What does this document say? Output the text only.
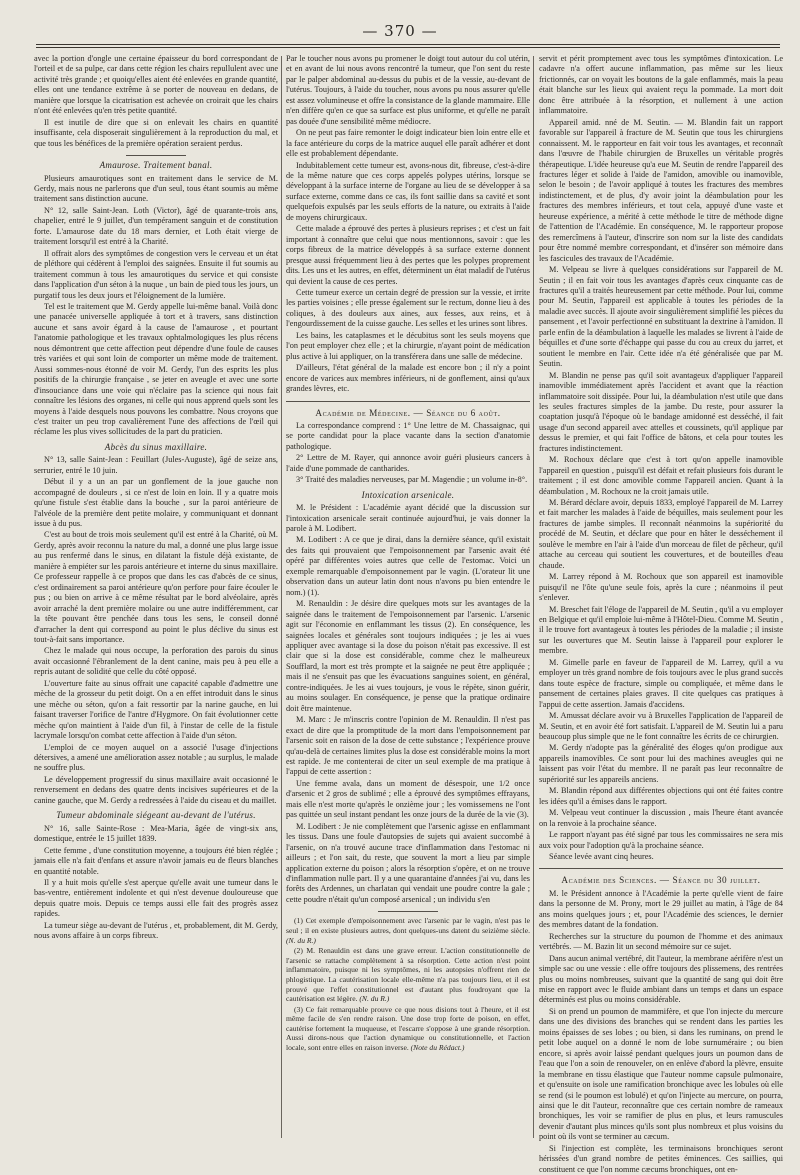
— 370 —

avec la portion d'ongle une certaine épaisseur du bord correspondant de l'orteil et de sa pulpe, car dans cette région les chairs repullulent avec une activité très grande ; et quoiqu'elles aient été enlevées en grande quantité, elles ont une tendance extrême à se porter de nouveau en dedans, de manière que lorsque la cicatrisation est achevée on croirait que les chairs n'ont été enlevées qu'en très petite quantité.

Il est inutile de dire que si on enlevait les chairs en quantité insuffisante, cela disposerait singulièrement à la reproduction du mal, et que tous les bénéfices de la première opération seraient perdus.

Amaurose. Traitement banal.

Plusieurs amaurotiques sont en traitement dans le service de M. Gerdy, mais nous ne parlerons que d'un seul, tous étant soumis au même traitement sans distinction aucune.

N° 12, salle Saint-Jean. Loth (Victor), âgé de quarante-trois ans, chapelier, entré le 9 juillet, d'un tempérament sanguin et de constitution forte. L'amaurose date du 18 mars dernier, et Loth était vierge de traitement lorsqu'il est entré à la Charité.

Il offrait alors des symptômes de congestion vers le cerveau et un état de pléthore qui cédèrent à l'emploi des saignées. Ensuite il fut soumis au traitement commun à tous les amaurotiques du service et qui consiste dans l'application d'un séton à la nuque , un bain de pied tous les jours, un purgatif tous les deux jours et l'éloignement de la lumière.

Tel est le traitement que M. Gerdy appelle lui-même banal. Voilà donc une panacée universelle appliquée à tort et à travers, sans distinction aucune et sans avoir égard à la cause de l'amaurose , et pourtant l'anatomie pathologique et les travaux ophtalmologiques les plus récens nous démontrent que cette affection peut dépendre d'une foule de causes très variées et qui sont loin de comporter un même mode de traitement. Aussi sommes-nous étonné de voir M. Gerdy, l'un des esprits les plus positifs de la chirurgie française , se jeter en aveugle et avec une sorte d'insouciance dans une voie qui n'éclaire pas la science qui nous fait connaître les lésions des organes, ni celle qui nous apprend quels sont les moyens à l'aide desquels nous pouvons les combattre. Nous croyons que c'est traiter un peu trop cavalièrement l'une des affections de l'œil qui réclame les plus vives sollicitudes de la part du praticien.

Abcès du sinus maxillaire.

N° 13, salle Saint-Jean : Feuillart (Jules-Auguste), âgé de seize ans, serrurier, entré le 10 juin.

Début il y a un an par un gonflement de la joue gauche non accompagné de douleurs , si ce n'est de loin en loin. Il y a quatre mois qu'une fistule s'est établie dans la bouche , sur la paroi antérieure de l'alvéole de la première dent petite molaire, y communiquant et donnant issue à du pus.

C'est au bout de trois mois seulement qu'il est entré à la Charité, où M. Gerdy, après avoir reconnu la nature du mal, a donné une plus large issue au pus renfermé dans le sinus, en dilatant la fistule déjà existante, de manière à empiéter sur les parois antérieure et interne du sinus maxillaire. Ce professeur rappelle à ce propos que dans les cas d'abcès de ce sinus, c'est ordinairement sa paroi antérieure qu'on perfore pour faire écouler le pus ; ou bien on arrive à ce même résultat par le bord alvéolaire, après avoir arraché la dent première molaire ou une autre indifféremment, car la tête pouvant être penchée dans tous les sens, le conseil donné d'arracher la dent qui correspond au point le plus déclive du sinus est tout-à-fait sans importance.

Chez le malade qui nous occupe, la perforation des parois du sinus avait occasionné l'ébranlement de la dent canine, mais peu à peu elle a repris autant de solidité que celle du côté opposé.

L'ouverture faite au sinus offrait une capacité capable d'admettre une mèche de la grosseur du petit doigt. On a en effet introduit dans le sinus une mèche ou séton, qu'on a fait ressortir par la narine gauche, en lui faisant traverser l'orifice de l'antre d'Hygmore. On fait évolutionner cette mèche qu'on maintient à l'aide d'un fil, à l'instar de celle de la fistule lacrymale lorsqu'on combat cette affection à l'aide d'un séton.

L'emploi de ce moyen auquel on a associé l'usage d'injections détersives, a amené une amélioration assez notable ; au surplus, le malade ne souffre plus.

Le développement progressif du sinus maxillaire avait occasionné le renversement en dedans des quatre dents incisives supérieures et de la canine gauche, que M. Gerdy a redressées à l'aide du ciseau et du maillet.

Tumeur abdominale siégeant au-devant de l'utérus.

N° 16, salle Sainte-Rose : Mea-Maria, âgée de vingt-six ans, domestique, entrée le 15 juillet 1839.

Cette femme , d'une constitution moyenne, a toujours été bien réglée ; jamais elle n'a fait d'enfans et assure n'avoir jamais eu de fleurs blanches en quantité notable.

Il y a huit mois qu'elle s'est aperçue qu'elle avait une tumeur dans le bas-ventre, entièrement indolente et qui n'est devenue douloureuse que depuis quatre mois. Depuis ce temps aussi elle fait des progrès assez rapides.

La tumeur siège au-devant de l'utérus , et, probablement, dit M. Gerdy, nous avons affaire à un corps fibreux.

Par le toucher nous avons pu promener le doigt tout autour du col utérin, et en avant de lui nous avons rencontré la tumeur, que l'on sent du reste par le palper abdominal au-dessus du pubis et de la vessie, au-devant de l'utérus. Toujours, à l'aide du toucher, nous avons pu nous assurer qu'elle est assez volumineuse et offre la consistance de la glande mammaire. Elle n'en diffère qu'en ce que sa surface est plus uniforme, et qu'elle ne paraît pas douée d'une sensibilité même médiocre.

On ne peut pas faire remonter le doigt indicateur bien loin entre elle et la face antérieure du corps de la matrice auquel elle paraît adhérer et dont elle est probablement dépendante.

Indubitablement cette tumeur est, avons-nous dit, fibreuse, c'est-à-dire de la même nature que ces corps appelés polypes utérins, lorsque se développant à la surface interne de l'organe au lieu de se développer à sa surface externe, comme dans ce cas, ils font saillie dans sa cavité et sont quelquefois expulsés par les seuls efforts de la nature, ou extraits à l'aide de moyens chirurgicaux.

Cette malade a éprouvé des pertes à plusieurs reprises ; et c'est un fait important à connaître que celui que nous mentionnons, savoir : que les corps fibreux de la matrice développés à sa surface externe donnent presque aussi fréquemment lieu à des pertes que les polypes proprement dits. Les uns et les autres, en effet, déterminent un état maladif de l'utérus qui devient la cause de ces pertes.

Cette tumeur exerce un certain degré de pression sur la vessie, et irrite les parties voisines ; elle presse également sur le rectum, donne lieu à des coliques, à des douleurs aux aines, aux fesses, aux reins, et à l'engourdissement de la cuisse gauche. Les selles et les urines sont libres.

Les bains, les cataplasmes et le décubitus sont les seuls moyens que l'on peut employer chez elle ; et la chirurgie, n'ayant point de médication plus active à lui appliquer, on la transférera dans une salle de médecine.

D'ailleurs, l'état général de la malade est encore bon ; il n'y a point encore de varices aux membres inférieurs, ni de gonflement, ainsi qu'aux grandes lèvres, etc.

Académie de Médecine. — Séance du 6 août.

La correspondance comprend : 1° Une lettre de M. Chassaignac, qui se porte candidat pour la place vacante dans la section d'anatomie pathologique.

2° Lettre de M. Rayer, qui annonce avoir guéri plusieurs cancers à l'aide d'une pommade de cantharides.

3° Traité des maladies nerveuses, par M. Magendie ; un volume in-8°.

Intoxication arsenicale.

M. le Président : L'académie ayant décidé que la discussion sur l'intoxication arsenicale serait continuée aujourd'hui, je vais donner la parole à M. Lodibert.

M. Lodibert : A ce que je dirai, dans la dernière séance, qu'il existait des faits qui prouvaient que l'empoisonnement par l'arsenic avait été opéré par différentes voies autres que celle de l'estomac. Voici un exemple remarquable d'empoisonnement par le vagin. (L'orateur lit une observation dans un auteur latin dont nous n'avons pu bien entendre le nom.) (1).

M. Renauldin : Je désire dire quelques mots sur les avantages de la saignée dans le traitement de l'empoisonnement par l'arsenic. L'arsenic agit sur l'économie en enflammant les tissus (2). En conséquence, les saignées locales et générales sont toujours indiquées ; je les ai vues appliquer avec avantage si la dose du poison n'était pas excessive. Il est clair que si la dose est considérable, comme chez le malheureux Soufflard, la mort est très prompte et la saignée ne peut être appliquée ; mais il ne s'ensuit pas que les évacuations sanguines soient, en général, contre-indiquées. Je les ai vues toujours, je vous le répète, sinon guérir, au moins soulager. En conséquence, je pense que la pratique ordinaire doit être maintenue.

M. Marc : Je m'inscris contre l'opinion de M. Renauldin. Il n'est pas exact de dire que la promptitude de la mort dans l'empoisonnement par l'arsenic soit en raison de la dose de cette substance ; l'expérience prouve qu'au-delà de certaines limites plus la dose est considérable moins la mort est rapide. Je me contenterai de citer un seul exemple de ma pratique à l'appui de cette assertion :

Une femme avala, dans un moment de désespoir, une 1/2 once d'arsenic et 2 gros de sublimé ; elle a éprouvé des symptômes effrayans, mais elle n'est morte qu'après le onzième jour ; les vomissemens ne l'ont pas quittée un seul instant pendant les onze jours de la durée de la vie (3).

M. Lodibert : Je nie complètement que l'arsenic agisse en enflammant les tissus. Dans une foule d'autopsies de sujets qui avaient succombé à l'arsenic, on n'a trouvé aucune trace d'inflammation dans l'estomac ni ailleurs ; et l'on sait, du reste, que souvent la mort a lieu par simple application externe du poison ; alors la résorption s'opère, et on ne trouve d'inflammation nulle part. Il y a une quarantaine d'années j'ai vu, dans les forêts des Ardennes, un charlatan qui vendait une poudre contre la gale ; cette poudre n'était qu'un composé arsenical ; un individu s'en

(1) Cet exemple d'empoisonnement avec l'arsenic par le vagin, n'est pas le seul ; il en existe plusieurs autres, dont quelques-uns datent du seizième siècle. (N. du R.)

(2) M. Renauldin est dans une grave erreur. L'action constitutionnelle de l'arsenic se rattache complètement à sa résorption. Cette action n'est point inflammatoire, puisque ni les symptômes, ni les autopsies n'offrent rien de phlogistique. La cautérisation locale elle-même n'a pas toujours lieu, et il est prouvé que l'effet constitutionnel est d'autant plus foudroyant que la cautérisation est légère. (N. du R.)

(3) Ce fait remarquable prouve ce que nous disions tout à l'heure, et il est même facile de s'en rendre raison. Une dose trop forte de poison, en effet, cautérise fortement la muqueuse, et l'escarre s'oppose à une grande résorption. Aussi dirons-nous que l'action dynamique ou constitutionnelle, et l'action locale, sont entre elles en raison inverse. (Note du Rédact.)

servit et périt promptement avec tous les symptômes d'intoxication. Le cadavre n'a offert aucune inflammation, pas même sur les lieux frictionnés, car on voyait les boutons de la gale enflammés, mais la peau était blanche sur les lieux qui avaient reçu la pommade. La mort doit donc être attribuée à la résorption, et nullement à une action inflammatoire.

Appareil amid. nné de M. Seutin. — M. Blandin fait un rapport favorable sur l'appareil à fracture de M. Seutin que tous les chirurgiens connaissent. M. le rapporteur en fait voir tous les avantages, et reconnaît dans l'œuvre de l'habile chirurgien de Bruxelles un véritable progrès thérapeutique. L'idée heureuse qu'a eue M. Seutin de rendre l'appareil des fractures léger et solide à l'aide de l'amidon, amovible ou inamovible, selon le besoin ; de l'avoir appliqué à toutes les fractures des membres indistinctement, et de plus, d'y avoir joint la déambulation pour les fractures des membres inférieurs, et tout cela, appuyé d'une vaste et heureuse expérience, a mérité à cette méthode le titre de méthode digne de l'attention de l'Académie. En conséquence, M. le rapporteur propose des remercîmens à l'auteur, d'inscrire son nom sur la liste des candidats pour être nommé membre correspondant, et d'insérer son mémoire dans les fascicules des travaux de l'Académie.

M. Velpeau se livre à quelques considérations sur l'appareil de M. Seutin ; il en fait voir tous les avantages d'après ceux cinquante cas de fractures qu'il a traités heureusement par cette méthode. Pour lui, comme pour M. Seutin, l'appareil est applicable à toutes les périodes de la maladie avec succès. Il ajoute avoir singulièrement simplifié les pièces du pansement , et l'avoir perfectionné en substituant la dextrine à l'amidon. Il parle enfin de la déambulation à laquelle les malades se livrent à l'aide de béquilles et d'une sorte d'échappe qui passe du cou au creux du jarret, et soutient le membre en l'air. Cette idée n'a été généralisée que par M. Seutin.

M. Blandin ne pense pas qu'il soit avantageux d'appliquer l'appareil inamovible immédiatement après l'accident et avant que la réaction inflammatoire soit dissipée. Pour lui, la déambulation n'est utile que dans les seules fractures simples de la jambe. Du reste, pour assurer la coaptation jusqu'à l'époque où le bandage amidonné est desséché, il fait usage d'un second appareil avec attelles et coussinets, qu'il applique par dessus le premier, et qui fait l'office de bâtons, et cela pour toutes les fractures indistinctement.

M. Rochoux déclare que c'est à tort qu'on appelle inamovible l'appareil en question , puisqu'il est défait et refait plusieurs fois durant le traitement ; il est donc amovible comme l'appareil ancien. Quant à la déambulation , M. Rochoux ne la croit jamais utile.

M. Bérard déclare avoir, depuis 1833, employé l'appareil de M. Larrey et fait marcher les malades à l'aide de béquilles, mais seulement pour les fractures de jambe simples. Il reconnaît néanmoins la supériorité du procédé de M. Seutin, et déclare que pour en hâter le desséchement il soulève le membre en l'air à l'aide d'un morceau de filet de pêcheur, qu'il attache au cerceau qui soutient les couvertures, et de bouteilles d'eau chaude.

M. Larrey répond à M. Rochoux que son appareil est inamovible puisqu'il ne l'ôte qu'une seule fois, après la cure ; néanmoins il peut s'enlever.

M. Breschet fait l'éloge de l'appareil de M. Seutin , qu'il a vu employer en Belgique et qu'il emploie lui-même à l'Hôtel-Dieu. Comme M. Seutin , il le trouve fort avantageux à toutes les périodes de la maladie ; il insiste sur les ouvertures que M. Seutin laisse à l'appareil pour explorer le membre.

M. Gimelle parle en faveur de l'appareil de M. Larrey, qu'il a vu employer un très grand nombre de fois toujours avec le plus grand succès dans toute espèce de fracture, simple ou compliquée, et même dans le pansement de certaines plaies graves. Il cite quelques cas pratiques à l'appui de cette assertion. Jamais d'accidens.

M. Amussat déclare avoir vu à Bruxelles l'application de l'appareil de M. Seutin, et en avoir été fort satisfait. L'appareil de M. Seutin lui a paru beaucoup plus simple que ne le font connaître les écrits de ce chirurgien.

M. Gerdy n'adopte pas la généralité des éloges qu'on prodigue aux appareils inamovibles. Ce sont pour lui des machines aveugles qui ne laissent pas voir l'état du membre. Il ne paraît pas leur reconnaître de supériorité sur les appareils anciens.

M. Blandin répond aux différentes objections qui ont été faites contre les idées qu'il a émises dans le rapport.

M. Velpeau veut continuer la discussion , mais l'heure étant avancée on la renvoie à la prochaine séance.

Le rapport n'ayant pas été signé par tous les commissaires ne sera mis aux voix pour l'adoption qu'à la prochaine séance.

Séance levée avant cinq heures.

Académie des Sciences. — Séance du 30 juillet.

M. le Président annonce à l'Académie la perte qu'elle vient de faire dans la personne de M. Prony, mort le 29 juillet au matin, à l'âge de 84 ans moins quelques jours ; et, pour l'Académie des sciences, le dernier des membres datant de la fondation.

Recherches sur la structure du poumon de l'homme et des animaux vertébrés. — M. Bazin lit un second mémoire sur ce sujet.

Dans aucun animal vertébré, dit l'auteur, la membrane aérifère n'est un simple sac ou une vessie : elle offre toujours des plissemens, des rentrées plus ou moins nombreuses, suivant que la quantité de sang qui doit être mise en rapport avec le fluide ambiant dans un temps et dans un espace déterminés est plus ou moins considérable.

Si on prend un poumon de mammifère, et que l'on injecte du mercure dans une des divisions des branches qui se rendent dans les parties les moins épaisses de ses lobes ; ou bien, si dans les ruminans, on prend le petit lobe auquel on a donné le nom de lobe surnuméraire ; ou bien encore, si après avoir laissé pendant quelques jours un poumon dans de l'eau que l'on a soin de renouveler, on en enlève d'abord la plèvre, ensuite la membrane en tissu élastique que l'auteur nomme capsule pulmonaire, et qu'ensuite on isole une ramification bronchique avec les lobules où elle se rend (si le poumon est lobulé) et qu'on l'injecte au mercure, on pourra, ainsi que le dit l'auteur, reconnaître que ces certain nombre de rameaux bronchiques, les voir se ramifier de plus en plus, et leurs ramuscules devenir d'autant plus minces qu'ils sont plus nombreux et plus voisins du point où ils vont se terminer au cæcum.

Si l'injection est complète, les terminaisons bronchiques seront hérissées d'un grand nombre de petites éminences. Ces saillies, qui constituent ce que l'on nomme cæcums bronchiques, ont en-
